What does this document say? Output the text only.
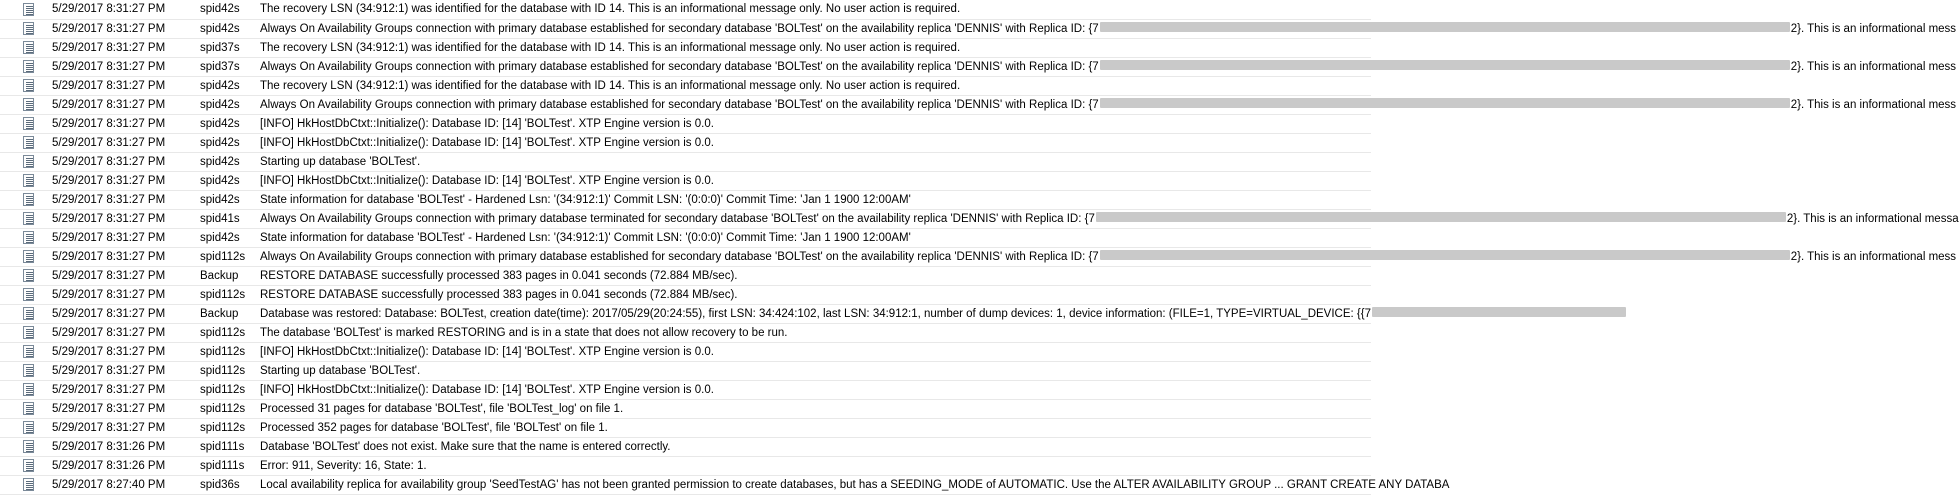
	5/29/2017 8:31:27 PM	spid42s	The recovery LSN (34:912:1) was identified for the database with ID 14. This is an informational message only. No user action is required.
	5/29/2017 8:31:27 PM	spid42s	Always On Availability Groups connection with primary database established for secondary database 'BOLTest' on the availability replica 'DENNIS' with Replica ID: {7 2}. This is an informational mess
	5/29/2017 8:31:27 PM	spid37s	The recovery LSN (34:912:1) was identified for the database with ID 14. This is an informational message only. No user action is required.
	5/29/2017 8:31:27 PM	spid37s	Always On Availability Groups connection with primary database established for secondary database 'BOLTest' on the availability replica 'DENNIS' with Replica ID: {7 2}. This is an informational mess
	5/29/2017 8:31:27 PM	spid42s	The recovery LSN (34:912:1) was identified for the database with ID 14. This is an informational message only. No user action is required.
	5/29/2017 8:31:27 PM	spid42s	Always On Availability Groups connection with primary database established for secondary database 'BOLTest' on the availability replica 'DENNIS' with Replica ID: {7 2}. This is an informational mess
	5/29/2017 8:31:27 PM	spid42s	[INFO] HkHostDbCtxt::Initialize(): Database ID: [14] 'BOLTest'. XTP Engine version is 0.0.
	5/29/2017 8:31:27 PM	spid42s	[INFO] HkHostDbCtxt::Initialize(): Database ID: [14] 'BOLTest'. XTP Engine version is 0.0.
	5/29/2017 8:31:27 PM	spid42s	Starting up database 'BOLTest'.
	5/29/2017 8:31:27 PM	spid42s	[INFO] HkHostDbCtxt::Initialize(): Database ID: [14] 'BOLTest'. XTP Engine version is 0.0.
	5/29/2017 8:31:27 PM	spid42s	State information for database 'BOLTest' - Hardened Lsn: '(34:912:1)' Commit LSN: '(0:0:0)' Commit Time: 'Jan 1 1900 12:00AM'
	5/29/2017 8:31:27 PM	spid41s	Always On Availability Groups connection with primary database terminated for secondary database 'BOLTest' on the availability replica 'DENNIS' with Replica ID: {7 2}. This is an informational messa
	5/29/2017 8:31:27 PM	spid42s	State information for database 'BOLTest' - Hardened Lsn: '(34:912:1)' Commit LSN: '(0:0:0)' Commit Time: 'Jan 1 1900 12:00AM'
	5/29/2017 8:31:27 PM	spid112s	Always On Availability Groups connection with primary database established for secondary database 'BOLTest' on the availability replica 'DENNIS' with Replica ID: {7 2}. This is an informational mess
	5/29/2017 8:31:27 PM	Backup	RESTORE DATABASE successfully processed 383 pages in 0.041 seconds (72.884 MB/sec).
	5/29/2017 8:31:27 PM	spid112s	RESTORE DATABASE successfully processed 383 pages in 0.041 seconds (72.884 MB/sec).
	5/29/2017 8:31:27 PM	Backup	Database was restored: Database: BOLTest, creation date(time): 2017/05/29(20:24:55), first LSN: 34:424:102, last LSN: 34:912:1, number of dump devices: 1, device information: (FILE=1, TYPE=VIRTUAL_DEVICE: {{7
	5/29/2017 8:31:27 PM	spid112s	The database 'BOLTest' is marked RESTORING and is in a state that does not allow recovery to be run.
	5/29/2017 8:31:27 PM	spid112s	[INFO] HkHostDbCtxt::Initialize(): Database ID: [14] 'BOLTest'. XTP Engine version is 0.0.
	5/29/2017 8:31:27 PM	spid112s	Starting up database 'BOLTest'.
	5/29/2017 8:31:27 PM	spid112s	[INFO] HkHostDbCtxt::Initialize(): Database ID: [14] 'BOLTest'. XTP Engine version is 0.0.
	5/29/2017 8:31:27 PM	spid112s	Processed 31 pages for database 'BOLTest', file 'BOLTest_log' on file 1.
	5/29/2017 8:31:27 PM	spid112s	Processed 352 pages for database 'BOLTest', file 'BOLTest' on file 1.
	5/29/2017 8:31:26 PM	spid111s	Database 'BOLTest' does not exist. Make sure that the name is entered correctly.
	5/29/2017 8:31:26 PM	spid111s	Error: 911, Severity: 16, State: 1.
	5/29/2017 8:27:40 PM	spid36s	Local availability replica for availability group 'SeedTestAG' has not been granted permission to create databases, but has a SEEDING_MODE of AUTOMATIC. Use the ALTER AVAILABILITY GROUP ... GRANT CREATE ANY DATABA
